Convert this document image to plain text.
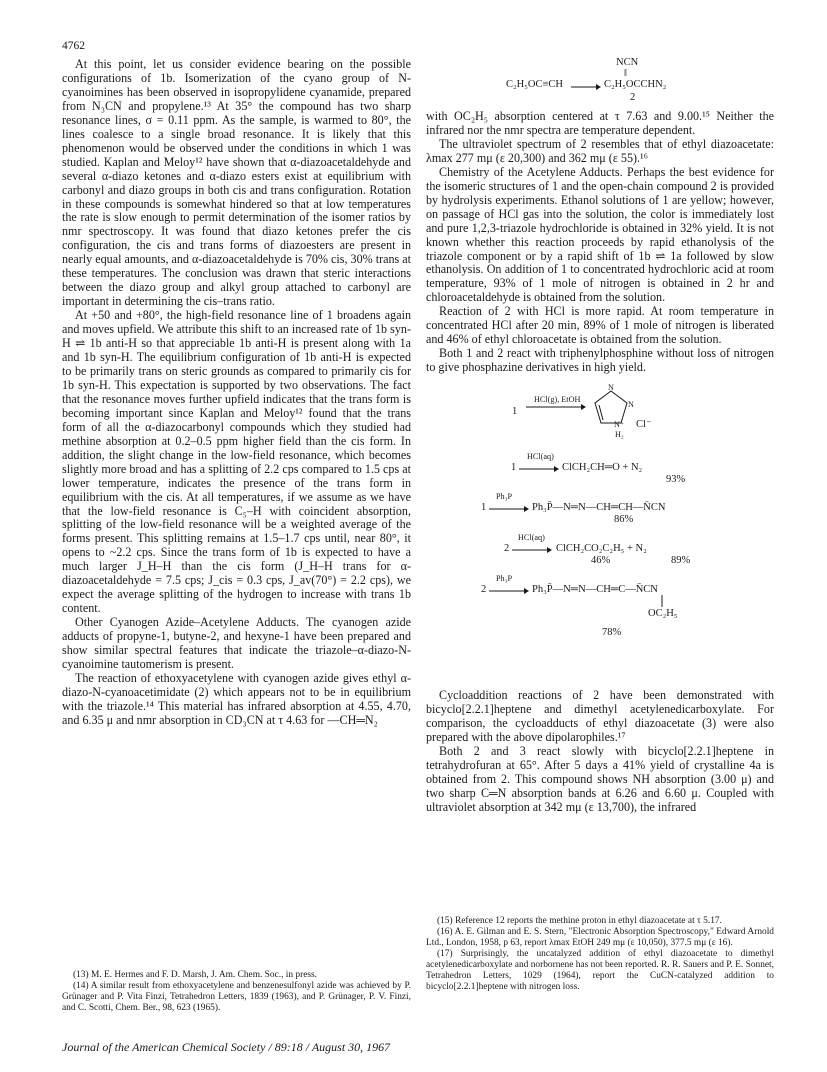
4762

At this point, let us consider evidence bearing on the possible configurations of 1b. Isomerization of the cyano group of N-cyanoimines has been observed in isopropylidene cyanamide, prepared from N₃CN and propylene.¹³ At 35° the compound has two sharp resonance lines, σ = 0.11 ppm. As the sample, is warmed to 80°, the lines coalesce to a single broad resonance. It is likely that this phenomenon would be observed under the conditions in which 1 was studied. Kaplan and Meloy¹² have shown that α-diazoacetaldehyde and several α-diazo ketones and α-diazo esters exist at equilibrium with carbonyl and diazo groups in both cis and trans configuration. Rotation in these compounds is somewhat hindered so that at low temperatures the rate is slow enough to permit determination of the isomer ratios by nmr spectroscopy. It was found that diazo ketones prefer the cis configuration, the cis and trans forms of diazoesters are present in nearly equal amounts, and α-diazoacetaldehyde is 70% cis, 30% trans at these temperatures. The conclusion was drawn that steric interactions between the diazo group and alkyl group attached to carbonyl are important in determining the cis–trans ratio.

At +50 and +80°, the high-field resonance line of 1 broadens again and moves upfield. We attribute this shift to an increased rate of 1b syn-H ⇌ 1b anti-H so that appreciable 1b anti-H is present along with 1a and 1b syn-H. The equilibrium configuration of 1b anti-H is expected to be primarily trans on steric grounds as compared to primarily cis for 1b syn-H. This expectation is supported by two observations. The fact that the resonance moves further upfield indicates that the trans form is becoming important since Kaplan and Meloy¹² found that the trans form of all the α-diazocarbonyl compounds which they studied had methine absorption at 0.2–0.5 ppm higher field than the cis form. In addition, the slight change in the low-field resonance, which becomes slightly more broad and has a splitting of 2.2 cps compared to 1.5 cps at lower temperature, indicates the presence of the trans form in equilibrium with the cis. At all temperatures, if we assume as we have that the low-field resonance is C₅–H with coincident absorption, splitting of the low-field resonance will be a weighted average of the forms present. This splitting remains at 1.5–1.7 cps until, near 80°, it opens to ~2.2 cps. Since the trans form of 1b is expected to have a much larger J_H–H than the cis form (J_H–H trans for α-diazoacetaldehyde = 7.5 cps; J_cis = 0.3 cps, J_av(70°) = 2.2 cps), we expect the average splitting of the hydrogen to increase with trans 1b content.

Other Cyanogen Azide–Acetylene Adducts. The cyanogen azide adducts of propyne-1, butyne-2, and hexyne-1 have been prepared and show similar spectral features that indicate the triazole–α-diazo-N-cyanoimine tautomerism is present.

The reaction of ethoxyacetylene with cyanogen azide gives ethyl α-diazo-N-cyanoacetimidate (2) which appears not to be in equilibrium with the triazole.¹⁴ This material has infrared absorption at 4.55, 4.70, and 6.35 μ and nmr absorption in CD₃CN at τ 4.63 for —CH═N₂

(13) M. E. Hermes and F. D. Marsh, J. Am. Chem. Soc., in press.

(14) A similar result from ethoxyacetylene and benzenesulfonyl azide was achieved by P. Grünager and P. Vita Finzi, Tetrahedron Letters, 1839 (1963), and P. Grünager, P. V. Finzi, and C. Scotti, Chem. Ber., 98, 623 (1965).

NCN
‖
C₂H₅OC≡CH → C₂H₅OCCHN₂
2

with OC₂H₅ absorption centered at τ 7.63 and 9.00.¹⁵ Neither the infrared nor the nmr spectra are temperature dependent.

The ultraviolet spectrum of 2 resembles that of ethyl diazoacetate: λmax 277 mμ (ε 20,300) and 362 mμ (ε 55).¹⁶

Chemistry of the Acetylene Adducts. Perhaps the best evidence for the isomeric structures of 1 and the open-chain compound 2 is provided by hydrolysis experiments. Ethanol solutions of 1 are yellow; however, on passage of HCl gas into the solution, the color is immediately lost and pure 1,2,3-triazole hydrochloride is obtained in 32% yield. It is not known whether this reaction proceeds by rapid ethanolysis of the triazole component or by a rapid shift of 1b ⇌ 1a followed by slow ethanolysis. On addition of 1 to concentrated hydrochloric acid at room temperature, 93% of 1 mole of nitrogen is obtained in 2 hr and chloroacetaldehyde is obtained from the solution.

Reaction of 2 with HCl is more rapid. At room temperature in concentrated HCl after 20 min, 89% of 1 mole of nitrogen is liberated and 46% of ethyl chloroacetate is obtained from the solution.

Both 1 and 2 react with triphenylphosphine without loss of nitrogen to give phosphazine derivatives in high yield.

1
HCl(g), EtOH
N
N
N⁺ Cl⁻
H₂
HCl(aq)
1 → ClCH₂CH═O + N₂
93%
Ph₃P
1 → Ph₃P̄—N═N—CH═CH—N̄CN
86%
HCl(aq)
2 → ClCH₂CO₂C₂H₅ + N₂
46%	89%
Ph₃P
2 → Ph₃P̄—N═N—CH═C—N̄CN
OC₂H₅
78%

Cycloaddition reactions of 2 have been demonstrated with bicyclo[2.2.1]heptene and dimethyl acetylenedicarboxylate. For comparison, the cycloadducts of ethyl diazoacetate (3) were also prepared with the above dipolarophiles.¹⁷

Both 2 and 3 react slowly with bicyclo[2.2.1]heptene in tetrahydrofuran at 65°. After 5 days a 41% yield of crystalline 4a is obtained from 2. This compound shows NH absorption (3.00 μ) and two sharp C═N absorption bands at 6.26 and 6.60 μ. Coupled with ultraviolet absorption at 342 mμ (ε 13,700), the infrared

(15) Reference 12 reports the methine proton in ethyl diazoacetate at τ 5.17.

(16) A. E. Gilman and E. S. Stern, "Electronic Absorption Spectroscopy," Edward Arnold Ltd., London, 1958, p 63, report λmax EtOH 249 mμ (ε 10,050), 377.5 mμ (ε 16).

(17) Surprisingly, the uncatalyzed addition of ethyl diazoacetate to dimethyl acetylenedicarboxylate and norbornene has not been reported. R. R. Sauers and P. E. Sonnet, Tetrahedron Letters, 1029 (1964), report the CuCN-catalyzed addition to bicyclo[2.2.1]heptene with nitrogen loss.

Journal of the American Chemical Society / 89:18 / August 30, 1967
